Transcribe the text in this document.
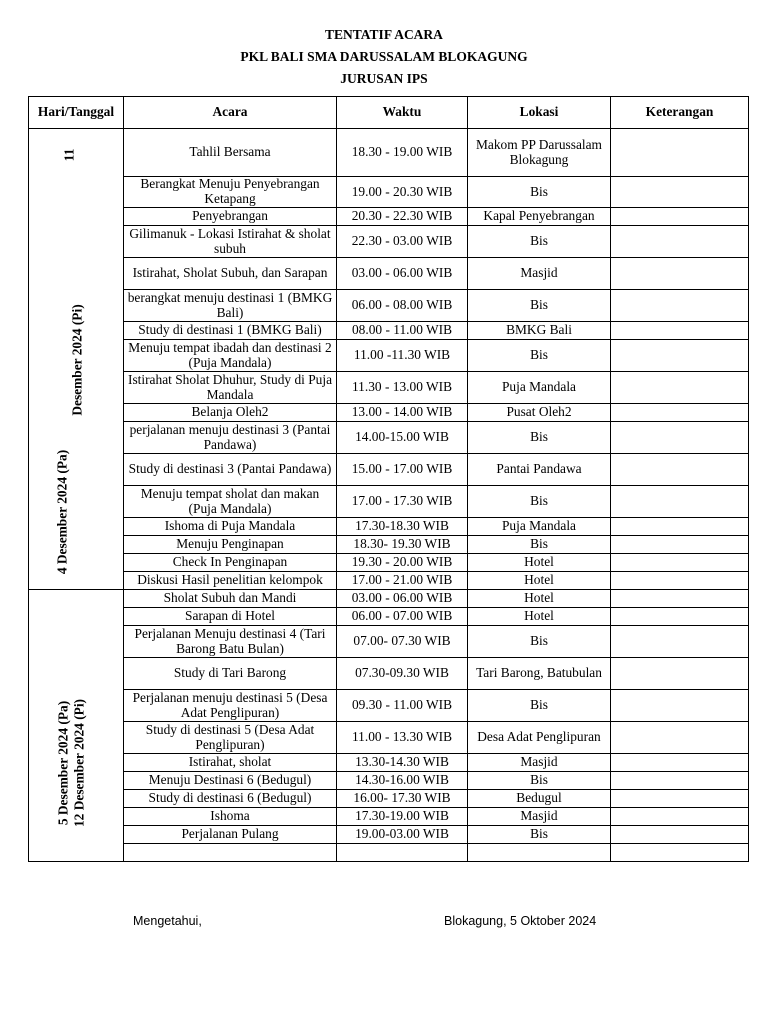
TENTATIF ACARA
PKL BALI SMA DARUSSALAM BLOKAGUNG
JURUSAN IPS
Hari/Tanggal	Acara	Waktu	Lokasi	Keterangan

11
Desember 2024 (Pi)
4 Desember 2024 (Pa)	Tahlil Bersama	18.30 - 19.00 WIB	Makom PP Darussalam Blokagung	
	Berangkat Menuju Penyebrangan Ketapang	19.00 - 20.30 WIB	Bis	
	Penyebrangan	20.30 - 22.30 WIB	Kapal Penyebrangan	
	Gilimanuk - Lokasi Istirahat & sholat subuh	22.30 - 03.00 WIB	Bis	
	Istirahat, Sholat Subuh, dan Sarapan	03.00 - 06.00 WIB	Masjid	
	berangkat menuju destinasi 1 (BMKG Bali)	06.00 - 08.00 WIB	Bis	
	Study di destinasi 1 (BMKG Bali)	08.00 - 11.00 WIB	BMKG Bali	
	Menuju tempat ibadah dan destinasi 2 (Puja Mandala)	11.00 -11.30 WIB	Bis	
	Istirahat Sholat Dhuhur, Study di Puja Mandala	11.30 - 13.00 WIB	Puja Mandala	
	Belanja Oleh2	13.00 - 14.00 WIB	Pusat Oleh2	
	perjalanan menuju destinasi 3 (Pantai Pandawa)	14.00-15.00 WIB	Bis	
	Study di destinasi 3 (Pantai Pandawa)	15.00 - 17.00 WIB	Pantai Pandawa	
	Menuju tempat sholat dan makan (Puja Mandala)	17.00 - 17.30 WIB	Bis	
	Ishoma di Puja Mandala	17.30-18.30 WIB	Puja Mandala	
	Menuju Penginapan	18.30- 19.30 WIB	Bis	
	Check In Penginapan	19.30 - 20.00 WIB	Hotel	
	Diskusi Hasil penelitian kelompok	17.00 - 21.00 WIB	Hotel	

5 Desember 2024 (Pa) 12 Desember 2024 (Pi)	Sholat Subuh dan Mandi	03.00 - 06.00 WIB	Hotel	
	Sarapan di Hotel	06.00 - 07.00 WIB	Hotel	
	Perjalanan Menuju destinasi 4 (Tari Barong Batu Bulan)	07.00- 07.30 WIB	Bis	
	Study di Tari Barong	07.30-09.30 WIB	Tari Barong, Batubulan	
	Perjalanan menuju destinasi 5 (Desa Adat Penglipuran)	09.30 - 11.00 WIB	Bis	
	Study di destinasi 5 (Desa Adat Penglipuran)	11.00 - 13.30 WIB	Desa Adat Penglipuran	
	Istirahat, sholat	13.30-14.30 WIB	Masjid	
	Menuju Destinasi 6 (Bedugul)	14.30-16.00 WIB	Bis	
	Study di destinasi 6 (Bedugul)	16.00- 17.30 WIB	Bedugul	
	Ishoma	17.30-19.00 WIB	Masjid	
	Perjalanan Pulang	19.00-03.00 WIB	Bis	

Mengetahui,	Blokagung, 5 Oktober 2024
